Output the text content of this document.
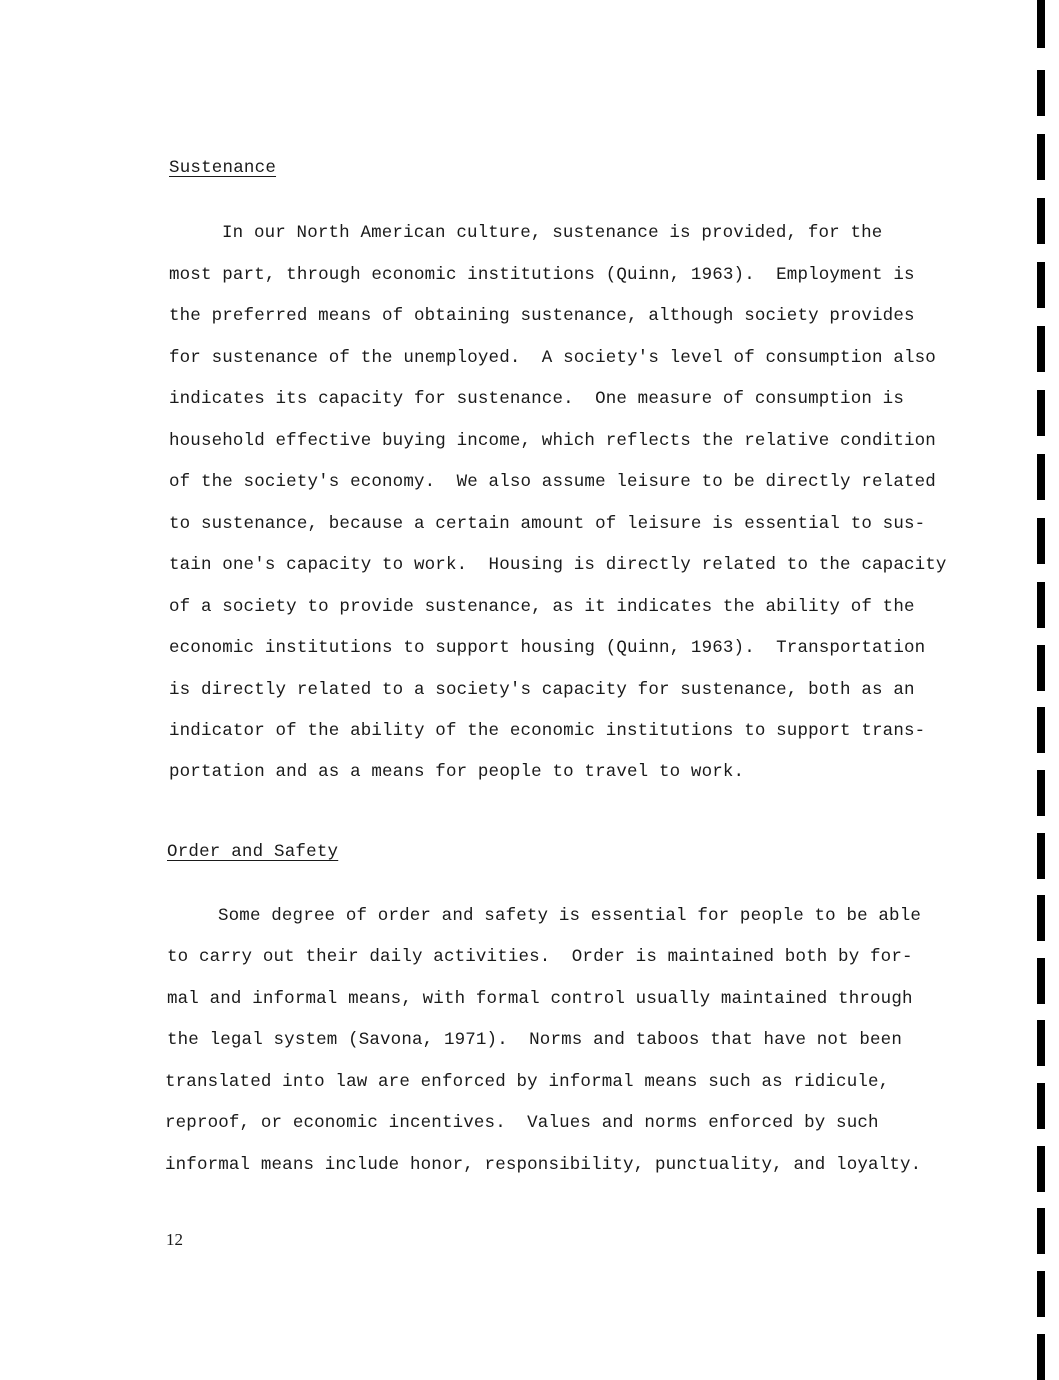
Sustenance
In our North American culture, sustenance is provided, for the
most part, through economic institutions (Quinn, 1963).  Employment is
the preferred means of obtaining sustenance, although society provides
for sustenance of the unemployed.  A society's level of consumption also
indicates its capacity for sustenance.  One measure of consumption is
household effective buying income, which reflects the relative condition
of the society's economy.  We also assume leisure to be directly related
to sustenance, because a certain amount of leisure is essential to sus-
tain one's capacity to work.  Housing is directly related to the capacity
of a society to provide sustenance, as it indicates the ability of the
economic institutions to support housing (Quinn, 1963).  Transportation
is directly related to a society's capacity for sustenance, both as an
indicator of the ability of the economic institutions to support trans-
portation and as a means for people to travel to work.
Order and Safety
Some degree of order and safety is essential for people to be able
to carry out their daily activities.  Order is maintained both by for-
mal and informal means, with formal control usually maintained through
the legal system (Savona, 1971).  Norms and taboos that have not been
translated into law are enforced by informal means such as ridicule,
reproof, or economic incentives.  Values and norms enforced by such
informal means include honor, responsibility, punctuality, and loyalty.
12
